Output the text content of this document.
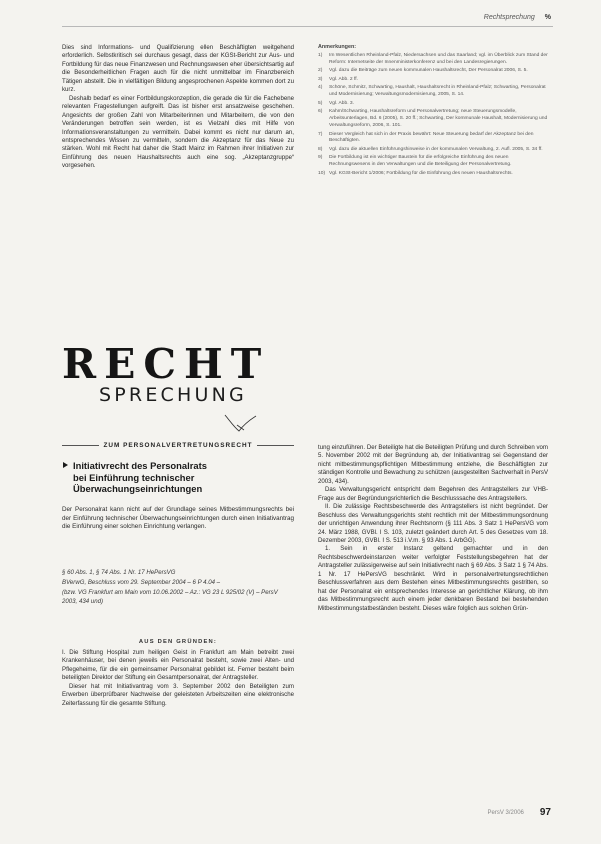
Rechtsprechung %

Dies sind Informations- und Qualifizierung ellen Beschäftigten weitgehend erforderlich. Selbstkritisch sei durchaus gesagt, dass der KGSt-Bericht zur Aus- und Fortbildung für das neue Finanzwesen und Rechnungswesen eher übersichtsartig auf die Besonderheitlichen Fragen auch für die nicht unmittelbar im Finanzbereich Tätigen abstellt. Die in vielfältigen Bildung angesprochenen Aspekte kommen dort zu kurz.

Deshalb bedarf es einer Fortbildungskonzeption, die gerade die für die Fachebene relevanten Fragestellungen aufgreift. Das ist bisher erst ansatzweise geschehen. Angesichts der großen Zahl von Mitarbeiterinnen und Mitarbeitern, die von den Veränderungen betroffen sein werden, ist es Vielzahl dies mit Hilfe von Informationsveranstaltungen zu vermitteln. Dabei kommt es nicht nur darum an, entsprechendes Wissen zu vermitteln, sondern die Akzeptanz für das Neue zu stärken. Wohl mit Recht hat daher die Stadt Mainz im Rahmen ihrer Initiativen zur Einführung des neuen Haushaltsrechts auch eine sog. „Akzeptanzgruppe“ vorgesehen.

Anmerkungen:
1)	Im Wesentlichen Rheinland-Pfalz, Niedersachsen und das Saarland; vgl. im Überblick zum Stand der Reform: Internetseite der Innenministerkonferenz und bei den Landesregierungen.
2)	Vgl. dazu die Beiträge zum neuen kommunalen Haushaltsrecht, Der Personalrat 2006, S. 5.
3)	Vgl. Abb. 2 ff.
4)	Schöne, Schmitz, Schwarting, Haushalt, Haushaltsrecht in Rheinland-Pfalz; Schwarting, Personalrat und Modernisierung; Verwaltungsmodernisierung, 2005, S. 14.
5)	Vgl. Abb. 3.
6)	Kahm/Schwarting, Haushaltsreform und Personalvertretung; neue Steuerungsmodelle, Arbeitsunterlagen, Bd. 6 (2005), S. 20 ff.; Schwarting, Der kommunale Haushalt, Modernisierung und Verwaltungsreform, 2006, S. 101.
7)	Dieser Vergleich hat sich in der Praxis bewährt: Neue Steuerung bedarf der Akzeptanz bei den Beschäftigten.
8)	Vgl. dazu die aktuellen Einführungshinweise in der kommunalen Verwaltung, 2. Aufl. 2005, S. 34 ff.
9)	Die Fortbildung ist ein wichtiger Baustein für die erfolgreiche Einführung des neuen Rechnungswesens in den Verwaltungen und die Beteiligung der Personalvertretung.
10) Vgl. KGSt-Bericht 1/2006; Fortbildung für die Einführung des neuen Haushaltsrechts.
RECHT
SPRECHUNG
ZUM PERSONALVERTRETUNGSRECHT
Initiativrecht des Personalrats
bei Einführung technischer
Überwachungseinrichtungen
Der Personalrat kann nicht auf der Grundlage seines Mitbestimmungsrechts bei der Einführung technischer Überwachungseinrichtungen durch einen Initiativantrag die Einführung einer solchen Einrichtung verlangen.

§ 60 Abs. 1, § 74 Abs. 1 Nr. 17 HePersVG

BVerwG, Beschluss vom 29. September 2004 – 6 P 4.04 –

(bzw. VG Frankfurt am Main vom 10.06.2002 – Az.: VG 23 L 925/02 (V) – PersV 2003, 434 und)

AUS DEN GRÜNDEN:

I. Die Stiftung Hospital zum heiligen Geist in Frankfurt am Main betreibt zwei Krankenhäuser, bei denen jeweils ein Personalrat besteht, sowie zwei Alten- und Pflegeheime, für die ein gemeinsamer Personalrat gebildet ist. Ferner besteht beim beteiligten Direktor der Stiftung ein Gesamtpersonalrat, der Antragsteller.

Dieser hat mit Initiativantrag vom 3. September 2002 den Beteiligten zum Erwerben überprüfbarer Nachweise der geleisteten Arbeitszeiten eine elektronische Zeiterfassung für die gesamte Stiftung.

tung einzuführen. Der Beteiligte hat die Beteiligten Prüfung und durch Schreiben vom 5. November 2002 mit der Begründung ab, der Initiativantrag sei Gegenstand der nicht mitbestimmungspflichtigen Mitbestimmung entziehe, die Beschäftigten zur ständigen Kontrolle und Bewachung zu schützen (ausgestellten Sachverhalt in PersV 2003, 434).

Das Verwaltungsgericht entspricht dem Begehren des Antragstellers zur VHB-Frage aus der Begründungsrichterlich die Beschlusssache des Antragstellers.

II. Die zulässige Rechtsbeschwerde des Antragstellers ist nicht begründet. Der Beschluss des Verwaltungsgerichts steht rechtlich mit der Mitbestimmungsordnung der unrichtigen Anwendung ihrer Rechtsnorm (§ 111 Abs. 3 Satz 1 HePersVG vom 24. März 1988, GVBl. I S. 103, zuletzt geändert durch Art. 5 des Gesetzes vom 18. Dezember 2003, GVBl. I S. 513 i.V.m. § 93 Abs. 1 ArbGG).

1. Sein in erster Instanz geltend gemachter und in den Rechtsbeschwerdeinstanzen weiter verfolgter Feststellungsbegehren hat der Antragsteller zulässigerweise auf sein Initiativrecht nach § 69 Abs. 3 Satz 1 § 74 Abs. 1 Nr. 17 HePersVG beschränkt. Wird in personalvertretungsrechtlichen Beschlussverfahren aus dem Bestehen eines Mitbestimmungsrechts gestritten, so hat der Personalrat ein entsprechendes Interesse an gerichtlicher Klärung, ob ihm das Mitbestimmungsrecht auch einem jeder denkbaren Bestand bei bestehenden Mitbestimmungstatbeständen besteht. Dieses wäre folglich aus solchen Grün-

PersV 3/2006 97
